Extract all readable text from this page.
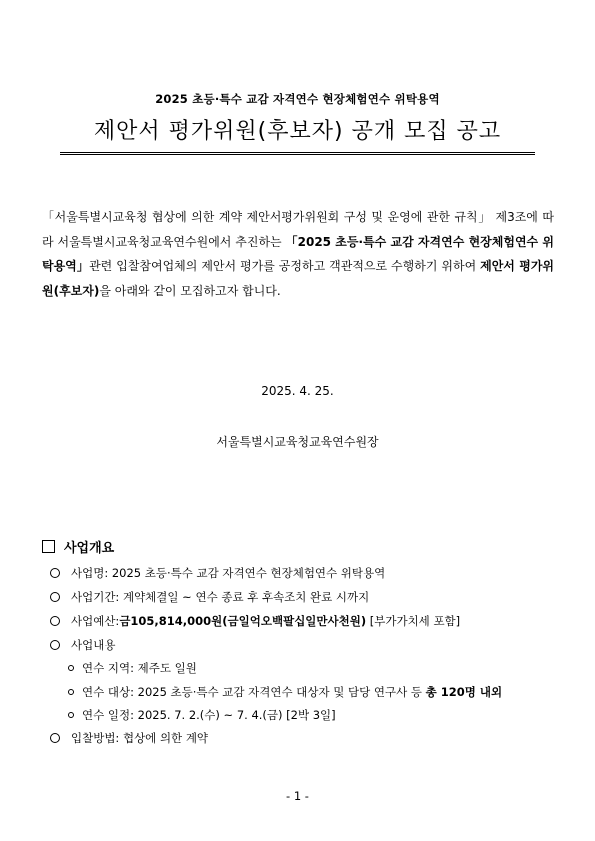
2025 초등·특수 교감 자격연수 현장체험연수 위탁용역
제안서 평가위원(후보자) 공개 모집 공고
「서울특별시교육청 협상에 의한 계약 제안서평가위원회 구성 및 운영에 관한 규칙」 제3조에 따라 서울특별시교육청교육연수원에서 추진하는 「2025 초등·특수 교감 자격연수 현장체험연수 위탁용역」관련 입찰참여업체의 제안서 평가를 공정하고 객관적으로 수행하기 위하여 제안서 평가위원(후보자)을 아래와 같이 모집하고자 합니다.
2025. 4. 25.
서울특별시교육청교육연수원장
사업개요
사업명: 2025 초등·특수 교감 자격연수 현장체험연수 위탁용역
사업기간: 계약체결일 ~ 연수 종료 후 후속조치 완료 시까지
사업예산: 금105,814,000원(금일억오백팔십일만사천원) [부가가치세 포함]
사업내용
연수 지역: 제주도 일원
연수 대상: 2025 초등·특수 교감 자격연수 대상자 및 담당 연구사 등 총 120명 내외
연수 일정: 2025. 7. 2.(수) ~ 7. 4.(금) [2박 3일]
입찰방법: 협상에 의한 계약
- 1 -
